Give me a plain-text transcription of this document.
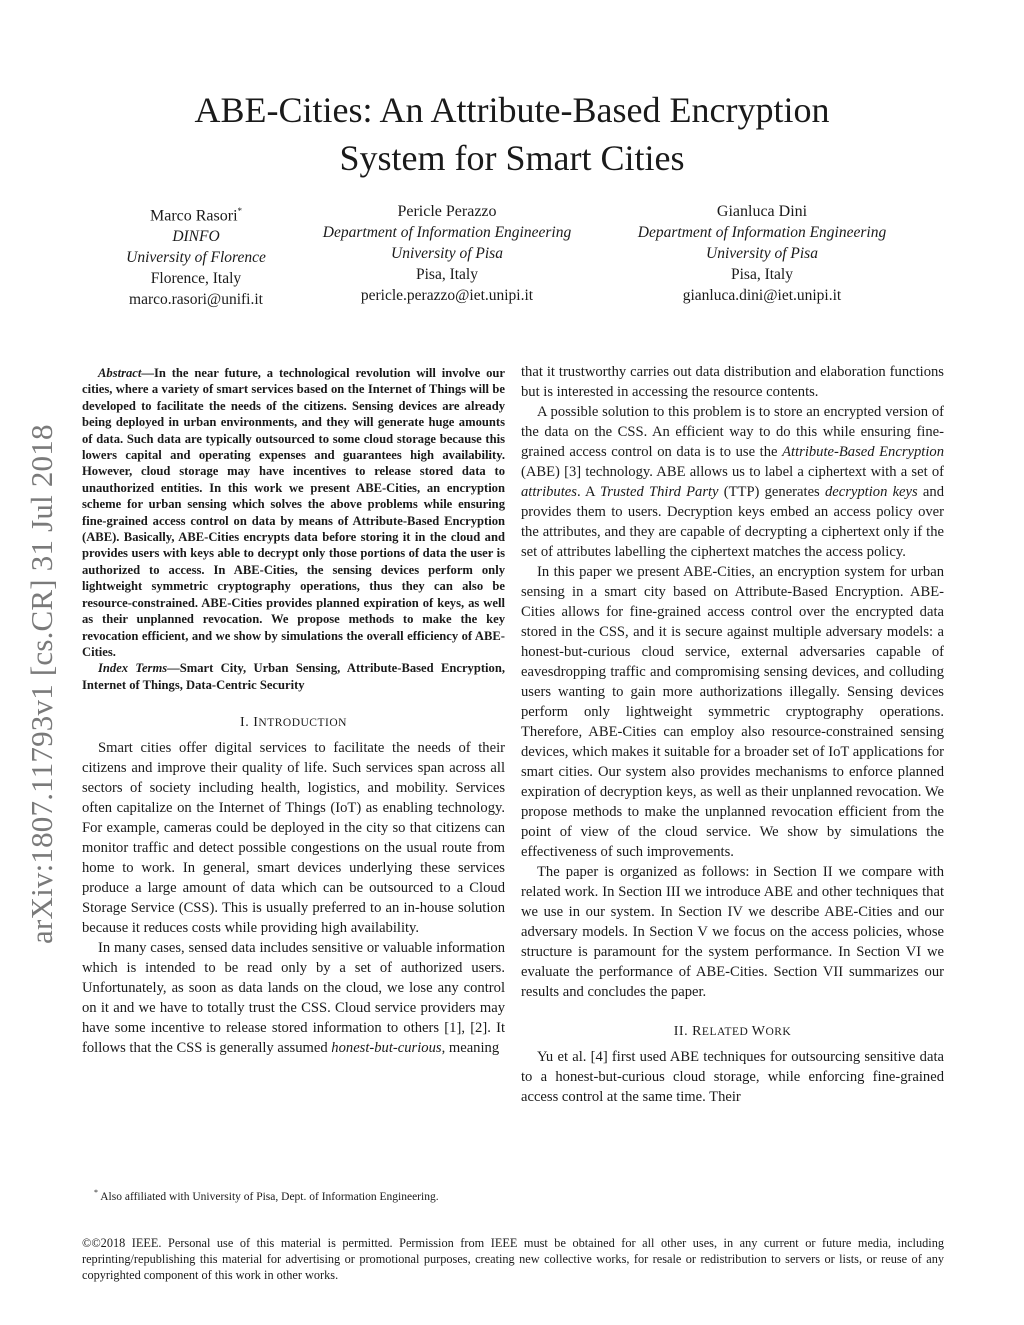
ABE-Cities: An Attribute-Based Encryption
System for Smart Cities
Marco Rasori*
DINFO
University of Florence
Florence, Italy
marco.rasori@unifi.it
Pericle Perazzo
Department of Information Engineering
University of Pisa
Pisa, Italy
pericle.perazzo@iet.unipi.it
Gianluca Dini
Department of Information Engineering
University of Pisa
Pisa, Italy
gianluca.dini@iet.unipi.it
arXiv:1807.11793v1 [cs.CR] 31 Jul 2018

Abstract—In the near future, a technological revolution will involve our cities, where a variety of smart services based on the Internet of Things will be developed to facilitate the needs of the citizens. Sensing devices are already being deployed in urban environments, and they will generate huge amounts of data. Such data are typically outsourced to some cloud storage because this lowers capital and operating expenses and guarantees high availability. However, cloud storage may have incentives to release stored data to unauthorized entities. In this work we present ABE-Cities, an encryption scheme for urban sensing which solves the above problems while ensuring fine-grained access control on data by means of Attribute-Based Encryption (ABE). Basically, ABE-Cities encrypts data before storing it in the cloud and provides users with keys able to decrypt only those portions of data the user is authorized to access. In ABE-Cities, the sensing devices perform only lightweight symmetric cryptography operations, thus they can also be resource-constrained. ABE-Cities provides planned expiration of keys, as well as their unplanned revocation. We propose methods to make the key revocation efficient, and we show by simulations the overall efficiency of ABE-Cities.

Index Terms—Smart City, Urban Sensing, Attribute-Based Encryption, Internet of Things, Data-Centric Security

I. INTRODUCTION

Smart cities offer digital services to facilitate the needs of their citizens and improve their quality of life. Such services span across all sectors of society including health, logistics, and mobility. Services often capitalize on the Internet of Things (IoT) as enabling technology. For example, cameras could be deployed in the city so that citizens can monitor traffic and detect possible congestions on the usual route from home to work. In general, smart devices underlying these services produce a large amount of data which can be outsourced to a Cloud Storage Service (CSS). This is usually preferred to an in-house solution because it reduces costs while providing high availability.

In many cases, sensed data includes sensitive or valuable information which is intended to be read only by a set of authorized users. Unfortunately, as soon as data lands on the cloud, we lose any control on it and we have to totally trust the CSS. Cloud service providers may have some incentive to release stored information to others [1], [2]. It follows that the CSS is generally assumed honest-but-curious, meaning

that it trustworthy carries out data distribution and elaboration functions but is interested in accessing the resource contents.

A possible solution to this problem is to store an encrypted version of the data on the CSS. An efficient way to do this while ensuring fine-grained access control on data is to use the Attribute-Based Encryption (ABE) [3] technology. ABE allows us to label a ciphertext with a set of attributes. A Trusted Third Party (TTP) generates decryption keys and provides them to users. Decryption keys embed an access policy over the attributes, and they are capable of decrypting a ciphertext only if the set of attributes labelling the ciphertext matches the access policy.

In this paper we present ABE-Cities, an encryption system for urban sensing in a smart city based on Attribute-Based Encryption. ABE-Cities allows for fine-grained access control over the encrypted data stored in the CSS, and it is secure against multiple adversary models: a honest-but-curious cloud service, external adversaries capable of eavesdropping traffic and compromising sensing devices, and colluding users wanting to gain more authorizations illegally. Sensing devices perform only lightweight symmetric cryptography operations. Therefore, ABE-Cities can employ also resource-constrained sensing devices, which makes it suitable for a broader set of IoT applications for smart cities. Our system also provides mechanisms to enforce planned expiration of decryption keys, as well as their unplanned revocation. We propose methods to make the unplanned revocation efficient from the point of view of the cloud service. We show by simulations the effectiveness of such improvements.

The paper is organized as follows: in Section II we compare with related work. In Section III we introduce ABE and other techniques that we use in our system. In Section IV we describe ABE-Cities and our adversary models. In Section V we focus on the access policies, whose structure is paramount for the system performance. In Section VI we evaluate the performance of ABE-Cities. Section VII summarizes our results and concludes the paper.

II. RELATED WORK

Yu et al. [4] first used ABE techniques for outsourcing sensitive data to a honest-but-curious cloud storage, while enforcing fine-grained access control at the same time. Their

* Also affiliated with University of Pisa, Dept. of Information Engineering.
©©2018 IEEE. Personal use of this material is permitted. Permission from IEEE must be obtained for all other uses, in any current or future media, including reprinting/republishing this material for advertising or promotional purposes, creating new collective works, for resale or redistribution to servers or lists, or reuse of any copyrighted component of this work in other works.
